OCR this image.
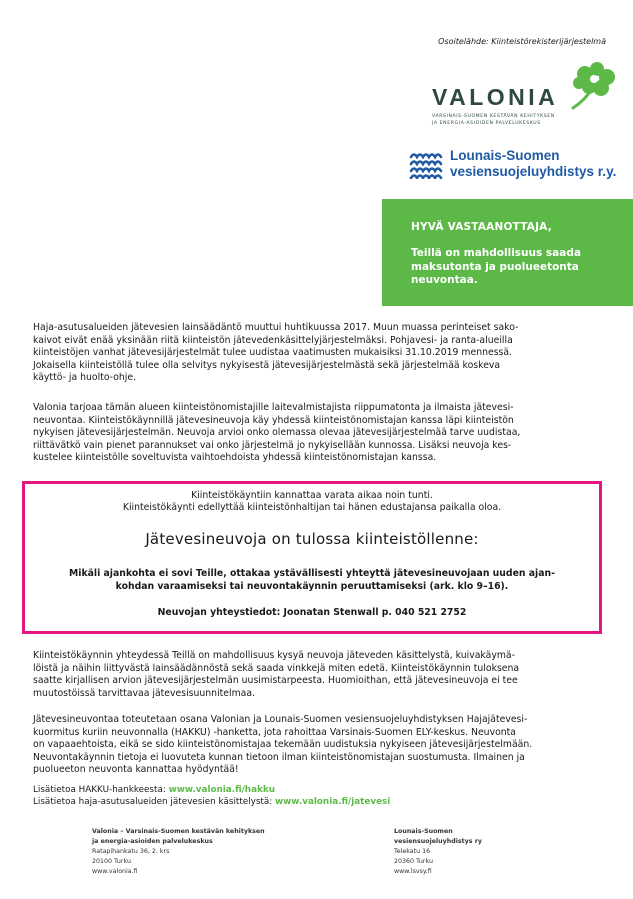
Osoitelähde: Kiinteistörekisterijärjestelmä
VALONIA
VARSINAIS-SUOMEN KESTÄVÄN KEHITYKSEN
JA ENERGIA-ASIOIDEN PALVELUKESKUS
Lounais-Suomen
vesiensuojeluyhdistys r.y.
HYVÄ VASTAANOTTAJA,
Teillä on mahdollisuus saada
maksutonta ja puolueetonta
neuvontaa.
Haja-asutusalueiden jätevesien lainsäädäntö muuttui huhtikuussa 2017. Muun muassa perinteiset sako-
kaivot eivät enää yksinään riitä kiinteistön jätevedenkäsittelyjärjestelmäksi. Pohjavesi- ja ranta-alueilla
kiinteistöjen vanhat jätevesijärjestelmät tulee uudistaa vaatimusten mukaisiksi 31.10.2019 mennessä.
Jokaisella kiinteistöllä tulee olla selvitys nykyisestä jätevesijärjestelmästä sekä järjestelmää koskeva
käyttö- ja huolto-ohje.
Valonia tarjoaa tämän alueen kiinteistönomistajille laitevalmistajista riippumatonta ja ilmaista jätevesi-
neuvontaa. Kiinteistökäynnillä jätevesineuvoja käy yhdessä kiinteistönomistajan kanssa läpi kiinteistön
nykyisen jätevesijärjestelmän. Neuvoja arvioi onko olemassa olevaa jätevesijärjestelmää tarve uudistaa,
riittävätkö vain pienet parannukset vai onko järjestelmä jo nykyisellään kunnossa. Lisäksi neuvoja kes-
kustelee kiinteistölle soveltuvista vaihtoehdoista yhdessä kiinteistönomistajan kanssa.
Kiinteistökäyntiin kannattaa varata aikaa noin tunti.
Kiinteistökäynti edellyttää kiinteistönhaltijan tai hänen edustajansa paikalla oloa.
Jätevesineuvoja on tulossa kiinteistöllenne:
Mikäli ajankohta ei sovi Teille, ottakaa ystävällisesti yhteyttä jätevesineuvojaan uuden ajan-
kohdan varaamiseksi tai neuvontakäynnin peruuttamiseksi (ark. klo 9–16).
Neuvojan yhteystiedot: Joonatan Stenwall p. 040 521 2752
Kiinteistökäynnin yhteydessä Teillä on mahdollisuus kysyä neuvoja jäteveden käsittelystä, kuivakäymä-
löistä ja näihin liittyvästä lainsäädännöstä sekä saada vinkkejä miten edetä. Kiinteistökäynnin tuloksena
saatte kirjallisen arvion jätevesijärjestelmän uusimistarpeesta. Huomioithan, että jätevesineuvoja ei tee
muutostöissä tarvittavaa jätevesisuunnitelmaa.
Jätevesineuvontaa toteutetaan osana Valonian ja Lounais-Suomen vesiensuojeluyhdistyksen Hajajätevesi-
kuormitus kuriin neuvonnalla (HAKKU) -hanketta, jota rahoittaa Varsinais-Suomen ELY-keskus. Neuvonta
on vapaaehtoista, eikä se sido kiinteistönomistajaa tekemään uudistuksia nykyiseen jätevesijärjestelmään.
Neuvontakäynnin tietoja ei luovuteta kunnan tietoon ilman kiinteistönomistajan suostumusta. Ilmainen ja
puolueeton neuvonta kannattaa hyödyntää!
Lisätietoa HAKKU-hankkeesta: www.valonia.fi/hakku
Lisätietoa haja-asutusalueiden jätevesien käsittelystä: www.valonia.fi/jatevesi
Valonia – Varsinais-Suomen kestävän kehityksen
ja energia-asioiden palvelukeskus
Ratapihankatu 36, 2. krs
20100 Turku
www.valonia.fi
Lounais-Suomen
vesiensuojeluyhdistys ry
Telekatu 16
20360 Turku
www.lsvsy.fi
